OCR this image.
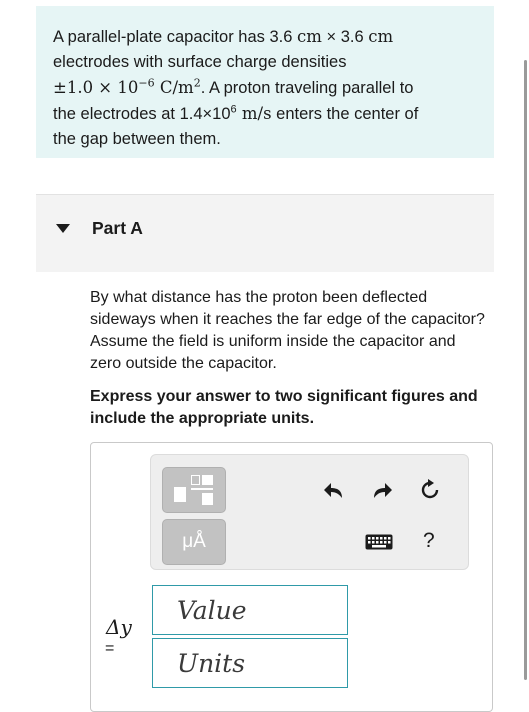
A parallel-plate capacitor has 3.6 cm × 3.6 cm
electrodes with surface charge densities
$\pm 1.0 \times 10^{-6}$ $C/m^2$. A proton traveling parallel to
the electrodes at $1.4\times 10^6$ m/s enters the center of
the gap between them.
Part A
By what distance has the proton been deflected sideways when it reaches the far edge of the capacitor? Assume the field is uniform inside the capacitor and zero outside the capacitor.
Express your answer to two significant figures and include the appropriate units.
μÅ	?
Δy
=
Value
Units
